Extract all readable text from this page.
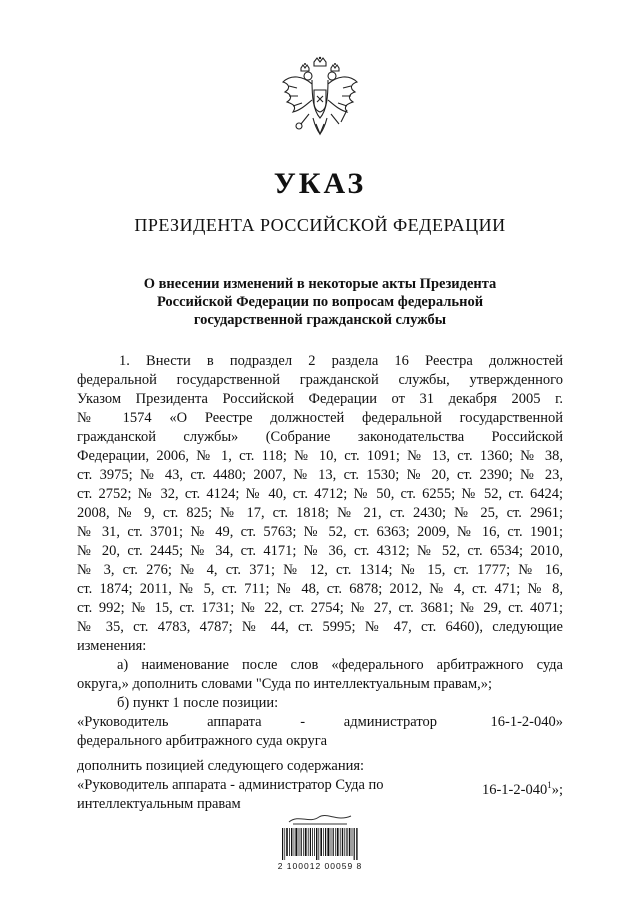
УКАЗ
ПРЕЗИДЕНТА РОССИЙСКОЙ ФЕДЕРАЦИИ
О внесении изменений в некоторые акты Президента
Российской Федерации по вопросам федеральной
государственной гражданской службы
1. Внести в подраздел 2 раздела 16 Реестра должностей
федеральной государственной гражданской службы, утвержденного
Указом Президента Российской Федерации от 31 декабря 2005 г.
№ 1574 «О Реестре должностей федеральной государственной
гражданской службы» (Собрание законодательства Российской
Федерации, 2006, № 1, ст. 118; № 10, ст. 1091; № 13, ст. 1360; № 38,
ст. 3975; № 43, ст. 4480; 2007, № 13, ст. 1530; № 20, ст. 2390; № 23,
ст. 2752; № 32, ст. 4124; № 40, ст. 4712; № 50, ст. 6255; № 52, ст. 6424;
2008, № 9, ст. 825; № 17, ст. 1818; № 21, ст. 2430; № 25, ст. 2961;
№ 31, ст. 3701; № 49, ст. 5763; № 52, ст. 6363; 2009, № 16, ст. 1901;
№ 20, ст. 2445; № 34, ст. 4171; № 36, ст. 4312; № 52, ст. 6534; 2010,
№ 3, ст. 276; № 4, ст. 371; № 12, ст. 1314; № 15, ст. 1777; № 16,
ст. 1874; 2011, № 5, ст. 711; № 48, ст. 6878; 2012, № 4, ст. 471; № 8,
ст. 992; № 15, ст. 1731; № 22, ст. 2754; № 27, ст. 3681; № 29, ст. 4071;
№ 35, ст. 4783, 4787; № 44, ст. 5995; № 47, ст. 6460), следующие
изменения:
а) наименование после слов «федерального арбитражного суда
округа,» дополнить словами "Суда по интеллектуальным правам,»;
б) пункт 1 после позиции:
«Руководитель	аппарата	-	администратор
федерального арбитражного суда округа
16-1-2-040»
дополнить позицией следующего содержания:
«Руководитель аппарата - администратор Суда по
интеллектуальным правам
$16-1-2-040^1$»;
2 100012 00059 8
